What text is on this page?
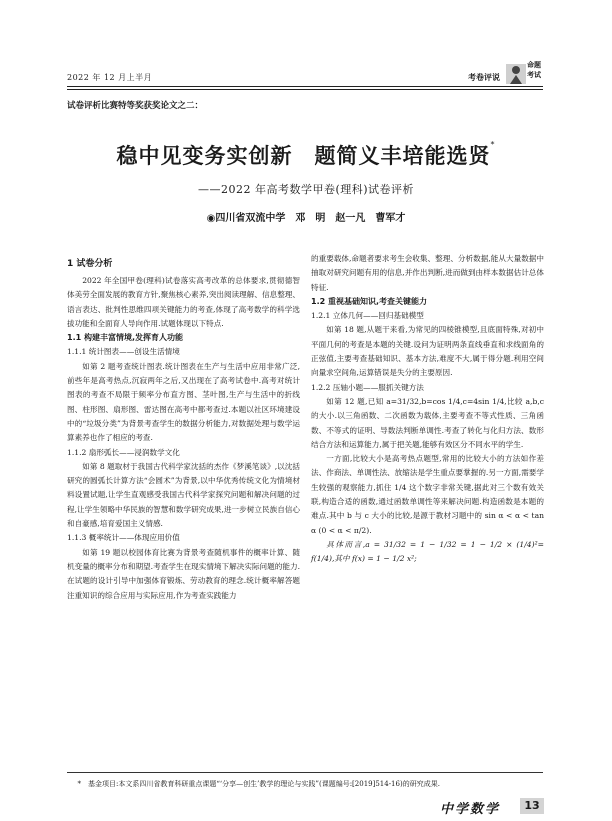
2022 年 12 月上半月	考卷评说
命题
考试
试卷评析比赛特等奖获奖论文之二：
稳中见变务实创新　题简义丰培能选贤*
——2022 年高考数学甲卷(理科)试卷评析
◉四川省双流中学　邓　明　赵一凡　曹军才
1 试卷分析

2022 年全国甲卷(理科)试卷落实高考改革的总体要求,贯彻德智体美劳全面发展的教育方针,聚焦核心素养,突出阅读理解、信息整理、语言表达、批判性思维四项关键能力的考查,体现了高考数学的科学选拔功能和全面育人导向作用.试题体现以下特点.

1.1 构建丰富情境,发挥育人功能
1.1.1 统计图表——创设生活情境

如第 2 题考查统计图表.统计图表在生产与生活中应用非常广泛,前些年是高考热点,沉寂两年之后,又出现在了高考试卷中.高考对统计图表的考查不局限于频率分布直方图、茎叶图,生产与生活中的折线图、柱形图、扇形图、雷达图在高考中都考查过.本题以社区环境建设中的“垃圾分类”为背景考查学生的数据分析能力,对数据处理与数学运算素养也作了相应的考查.

1.1.2 扇形弧长——浸润数学文化

如第 8 题取材于我国古代科学家沈括的杰作《梦溪笔谈》,以沈括研究的圆弧长计算方法“会圆术”为背景,以中华优秀传统文化为情境材料设置试题,让学生直观感受我国古代科学家探究问题和解决问题的过程,让学生领略中华民族的智慧和数学研究成果,进一步树立民族自信心和自豪感,培育爱国主义情感.

1.1.3 概率统计——体现应用价值

如第 19 题以校园体育比赛为背景考查随机事件的概率计算、随机变量的概率分布和期望.考查学生在现实情境下解决实际问题的能力.在试题的设计引导中加强体育锻炼、劳动教育的理念.统计概率解答题注重知识的综合应用与实际应用,作为考查实践能力

的重要载体,命题者要求考生会收集、整理、分析数据,能从大量数据中抽取对研究问题有用的信息,并作出判断,进而做到由样本数据估计总体特征.

1.2 重视基础知识,考查关键能力
1.2.1 立体几何——回归基础模型

如第 18 题,从题干来看,为常见的四棱锥模型,且底面特殊,对初中平面几何的考查是本题的关键.设问为证明两条直线垂直和求线面角的正弦值,主要考查基础知识、基本方法,难度不大,属于得分题.利用空间向量求空间角,运算错误是失分的主要原因.

1.2.2 压轴小题——服抓关键方法

如第 12 题,已知 a=31/32,b=cos 1/4,c=4sin 1/4,比较 a,b,c 的大小.以三角函数、二次函数为载体,主要考查不等式性质、三角函数、不等式的证明、导数法判断单调性.考查了转化与化归方法、数形结合方法和运算能力,属于把关题,能够有效区分不同水平的学生.

一方面,比较大小是高考热点题型,常用的比较大小的方法如作差法、作商法、单调性法、放缩法是学生重点要掌握的.另一方面,需要学生较强的观察能力,抓住 1/4 这个数字非常关键,据此对三个数有效关联,构造合适的函数,通过函数单调性等来解决问题.构造函数是本题的难点.其中 b 与 c 大小的比较,是源于教材习题中的 sin α < α < tan α (0 < α < π/2).

具体而言,a = 31/32 = 1 − 1/32 = 1 − 1/2 × (1/4)²= f(1/4),其中 f(x) = 1 − 1/2 x²;

*　基金项目:本文系四川省教育科研重点课题“‘分享—创生’教学的理论与实践”(课题编号:[2019]514-16)的研究成果.
中学数学	13
